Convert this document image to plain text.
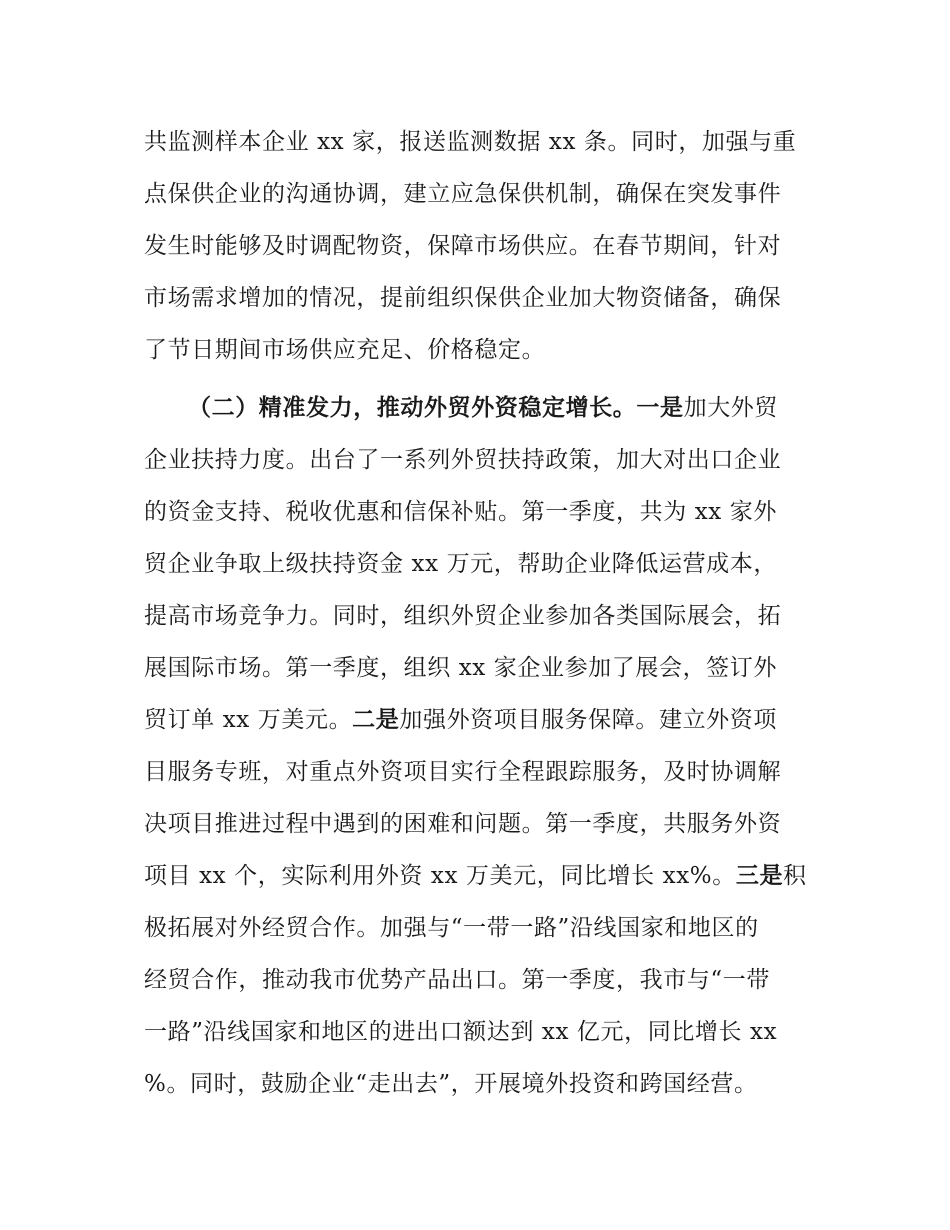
共监测样本企业 xx 家，报送监测数据 xx 条。同时，加强与重
点保供企业的沟通协调，建立应急保供机制，确保在突发事件
发生时能够及时调配物资，保障市场供应。在春节期间，针对
市场需求增加的情况，提前组织保供企业加大物资储备，确保
了节日期间市场供应充足、价格稳定。
（二）精准发力，推动外贸外资稳定增长。一是加大外贸
企业扶持力度。出台了一系列外贸扶持政策，加大对出口企业
的资金支持、税收优惠和信保补贴。第一季度，共为 xx 家外
贸企业争取上级扶持资金 xx 万元，帮助企业降低运营成本，
提高市场竞争力。同时，组织外贸企业参加各类国际展会，拓
展国际市场。第一季度，组织 xx 家企业参加了展会，签订外
贸订单 xx 万美元。二是加强外资项目服务保障。建立外资项
目服务专班，对重点外资项目实行全程跟踪服务，及时协调解
决项目推进过程中遇到的困难和问题。第一季度，共服务外资
项目 xx 个，实际利用外资 xx 万美元，同比增长 xx%。三是积
极拓展对外经贸合作。加强与“一带一路”沿线国家和地区的
经贸合作，推动我市优势产品出口。第一季度，我市与“一带
一路”沿线国家和地区的进出口额达到 xx 亿元，同比增长 xx
%。同时，鼓励企业“走出去”，开展境外投资和跨国经营。
